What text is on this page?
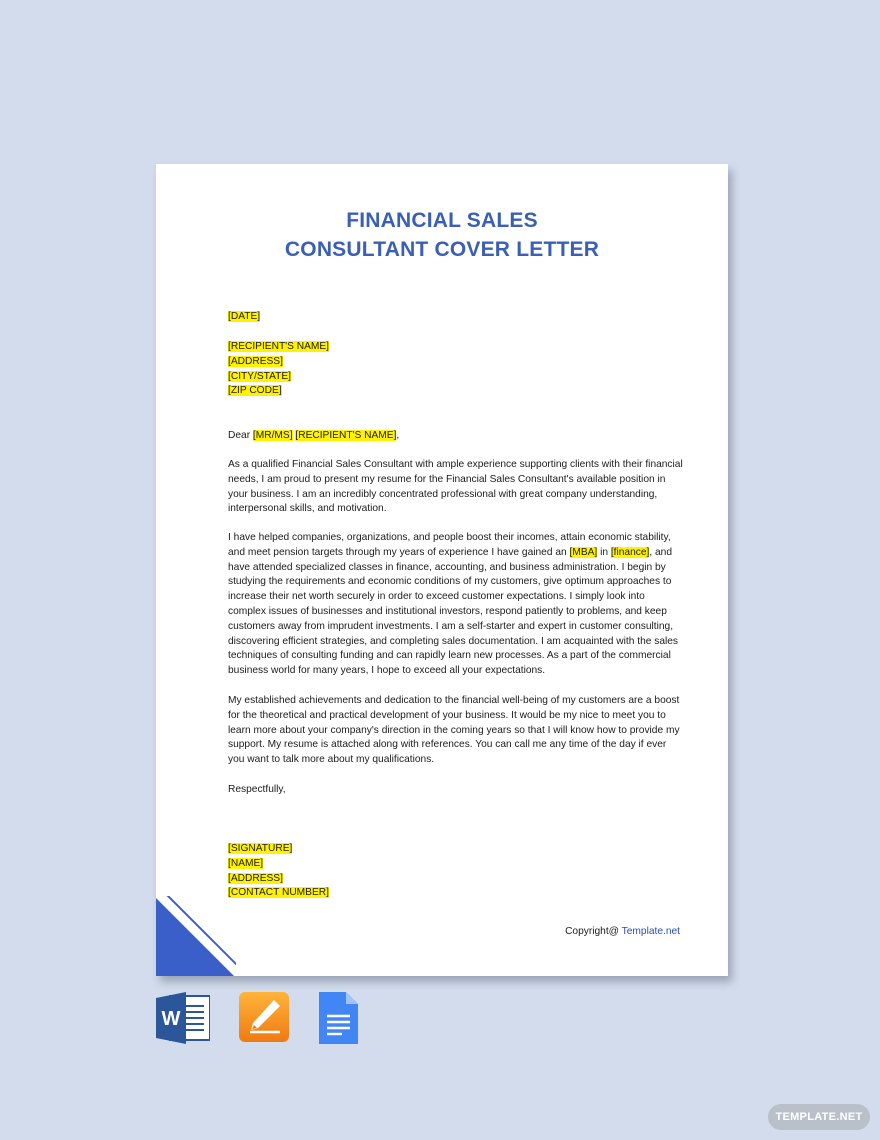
FINANCIAL SALES
CONSULTANT COVER LETTER
[DATE]
[RECIPIENT'S NAME]
[ADDRESS]
[CITY/STATE]
[ZIP CODE]
Dear [MR/MS] [RECIPIENT'S NAME],

As a qualified Financial Sales Consultant with ample experience supporting clients with their financial needs, I am proud to present my resume for the Financial Sales Consultant's available position in your business. I am an incredibly concentrated professional with great company understanding, interpersonal skills, and motivation.

I have helped companies, organizations, and people boost their incomes, attain economic stability, and meet pension targets through my years of experience I have gained an [MBA] in [finance], and have attended specialized classes in finance, accounting, and business administration. I begin by studying the requirements and economic conditions of my customers, give optimum approaches to increase their net worth securely in order to exceed customer expectations. I simply look into complex issues of businesses and institutional investors, respond patiently to problems, and keep customers away from imprudent investments. I am a self-starter and expert in customer consulting, discovering efficient strategies, and completing sales documentation. I am acquainted with the sales techniques of consulting funding and can rapidly learn new processes. As a part of the commercial business world for many years, I hope to exceed all your expectations.

My established achievements and dedication to the financial well-being of my customers are a boost for the theoretical and practical development of your business. It would be my nice to meet you to learn more about your company's direction in the coming years so that I will know how to provide my support. My resume is attached along with references. You can call me any time of the day if ever you want to talk more about my qualifications.

Respectfully,
[SIGNATURE]
[NAME]
[ADDRESS]
[CONTACT NUMBER]
Copyright@ Template.net
W
TEMPLATE.NET
